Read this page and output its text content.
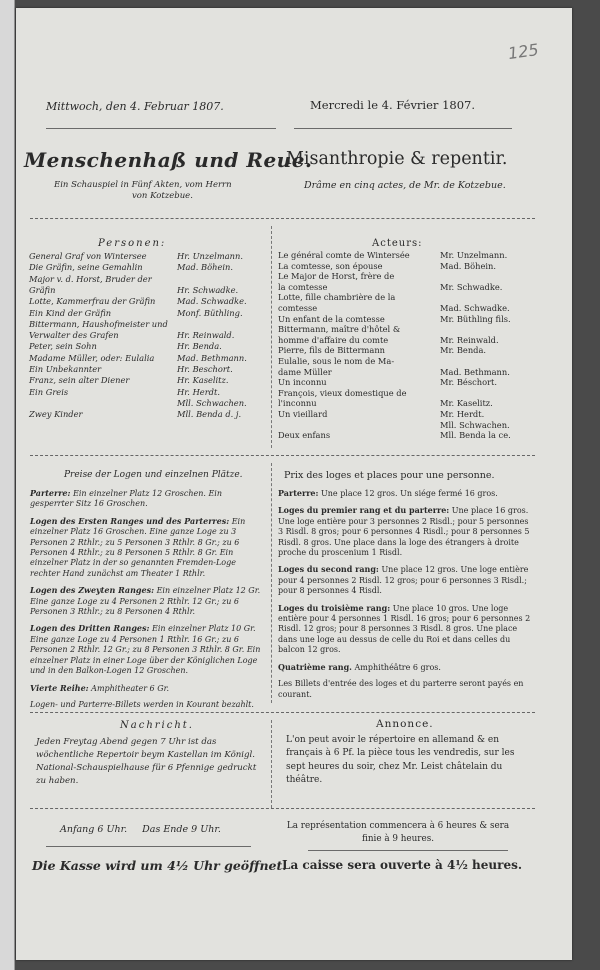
125
Mittwoch, den 4. Februar 1807.	Mercredi le 4. Février 1807.
Menschenhaß und Reue.
Misanthropie & repentir.
Ein Schauspiel in Fünf Akten, vom Herrn
von Kotzebue.
Drâme en cinq actes, de Mr. de Kotzebue.
Personen:	Acteurs:
General Graf von Wintersee	Hr. Unzelmann.
Die Gräfin, seine Gemahlin	Mad. Böhein.
Major v. d. Horst, Bruder der
Gräfin	Hr. Schwadke.
Lotte, Kammerfrau der Gräfin	Mad. Schwadke.
Ein Kind der Gräfin	Monf. Büthling.
Bittermann, Haushofmeister und
Verwalter des Grafen	Hr. Reinwald.
Peter, sein Sohn	Hr. Benda.
Madame Müller, oder: Eulalia	Mad. Bethmann.
Ein Unbekannter	Hr. Beschort.
Franz, sein alter Diener	Hr. Kaselitz.
Ein Greis	Hr. Herdt.
Mll. Schwachen.
Zwey Kinder	Mll. Benda d. j.
Le général comte de Wintersée	Mr. Unzelmann.
La comtesse, son épouse	Mad. Böhein.
Le Major de Horst, frère de
la comtesse	Mr. Schwadke.
Lotte, fille chambrière de la
comtesse	Mad. Schwadke.
Un enfant de la comtesse	Mr. Büthling fils.
Bittermann, maître d'hôtel &
homme d'affaire du comte	Mr. Reinwald.
Pierre, fils de Bittermann	Mr. Benda.
Eulalie, sous le nom de Ma-
dame Müller	Mad. Bethmann.
Un inconnu	Mr. Béschort.
François, vieux domestique de
l'inconnu	Mr. Kaselitz.
Un vieillard	Mr. Herdt.
Mll. Schwachen.
Deux enfans	Mll. Benda la ce.
Preise der Logen und einzelnen Plätze.	Prix des loges et places pour une personne.
Parterre: Ein einzelner Platz 12 Groschen. Ein gesperrter Sitz 16 Groschen.
Logen des Ersten Ranges und des Parterres: Ein einzelner Platz 16 Groschen. Eine ganze Loge zu 3 Personen 2 Rthlr.; zu 5 Personen 3 Rthlr. 8 Gr.; zu 6 Personen 4 Rthlr.; zu 8 Personen 5 Rthlr. 8 Gr. Ein einzelner Platz in der so genannten Fremden-Loge rechter Hand zunächst am Theater 1 Rthlr.
Logen des Zweyten Ranges: Ein einzelner Platz 12 Gr. Eine ganze Loge zu 4 Personen 2 Rthlr. 12 Gr.; zu 6 Personen 3 Rthlr.; zu 8 Personen 4 Rthlr.
Logen des Dritten Ranges: Ein einzelner Platz 10 Gr. Eine ganze Loge zu 4 Personen 1 Rthlr. 16 Gr.; zu 6 Personen 2 Rthlr. 12 Gr.; zu 8 Personen 3 Rthlr. 8 Gr. Ein einzelner Platz in einer Loge über der Königlichen Loge und in den Balkon-Logen 12 Groschen.
Vierte Reihe: Amphitheater 6 Gr.
Logen- und Parterre-Billets werden in Kourant bezahlt.
Parterre: Une place 12 gros. Un siége fermé 16 gros.
Loges du premier rang et du parterre: Une place 16 gros. Une loge entière pour 3 personnes 2 Risdl.; pour 5 personnes 3 Risdl. 8 gros; pour 6 personnes 4 Risdl.; pour 8 personnes 5 Risdl. 8 gros. Une place dans la loge des étrangers à droite proche du proscenium 1 Risdl.
Loges du second rang: Une place 12 gros. Une loge entière pour 4 personnes 2 Risdl. 12 gros; pour 6 personnes 3 Risdl.; pour 8 personnes 4 Risdl.
Loges du troisième rang: Une place 10 gros. Une loge entière pour 4 personnes 1 Risdl. 16 gros; pour 6 personnes 2 Risdl. 12 gros; pour 8 personnes 3 Risdl. 8 gros. Une place dans une loge au dessus de celle du Roi et dans celles du balcon 12 gros.
Quatrième rang. Amphithéâtre 6 gros.
Les Billets d'entrée des loges et du parterre seront payés en courant.
Nachricht.	Annonce.
Jeden Freytag Abend gegen 7 Uhr ist das wöchentliche Repertoir beym Kastellan im Königl. National-Schauspielhause für 6 Pfennige gedruckt zu haben.
L'on peut avoir le répertoire en allemand & en français à 6 Pf. la pièce tous les vendredis, sur les sept heures du soir, chez Mr. Leist châtelain du théâtre.
Anfang 6 Uhr.     Das Ende 9 Uhr.	La représentation commencera à 6 heures & sera finie à 9 heures.
Die Kasse wird um 4½ Uhr geöffnet.
La caisse sera ouverte à 4½ heures.
